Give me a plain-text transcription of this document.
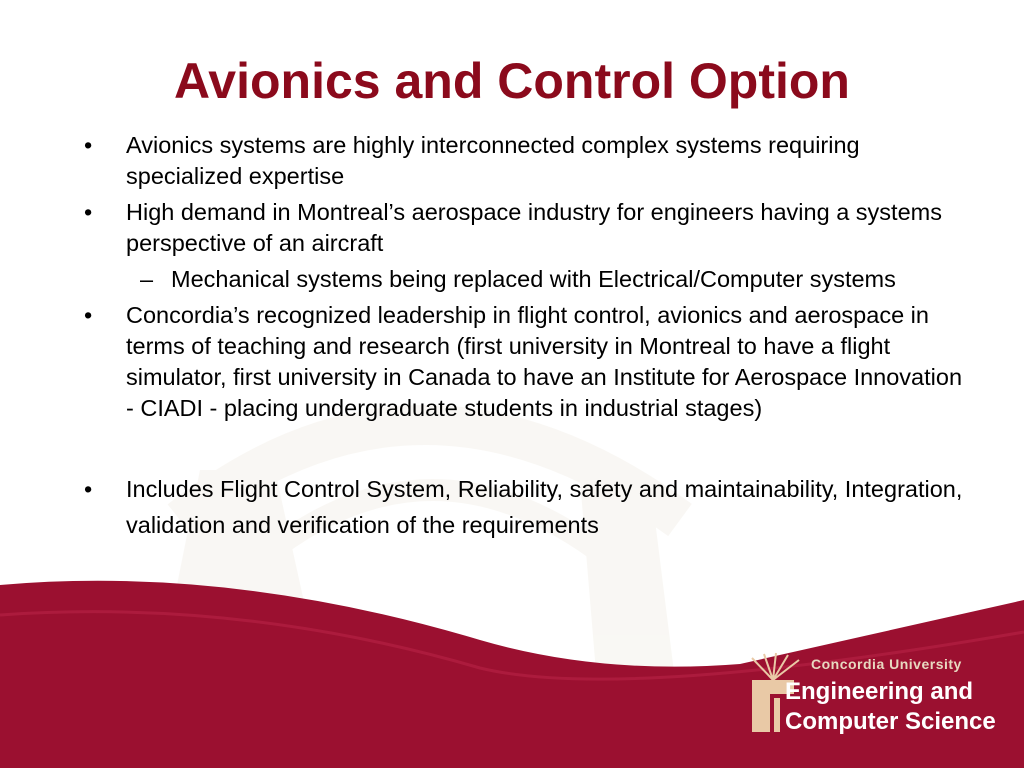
Avionics and Control Option
•	Avionics systems are highly interconnected complex systems requiring specialized expertise
•	High demand in Montreal’s aerospace industry for engineers having a systems perspective of an aircraft
– Mechanical systems being replaced with Electrical/Computer systems
•	Concordia’s recognized leadership in flight control, avionics and aerospace in terms of teaching and research (first university in Montreal to have a flight simulator, first university in Canada to have an Institute for Aerospace Innovation - CIADI - placing undergraduate students in industrial stages)
•	Includes Flight Control System, Reliability, safety and maintainability, Integration, validation and verification of the requirements
Concordia University
Engineering and
Computer Science
